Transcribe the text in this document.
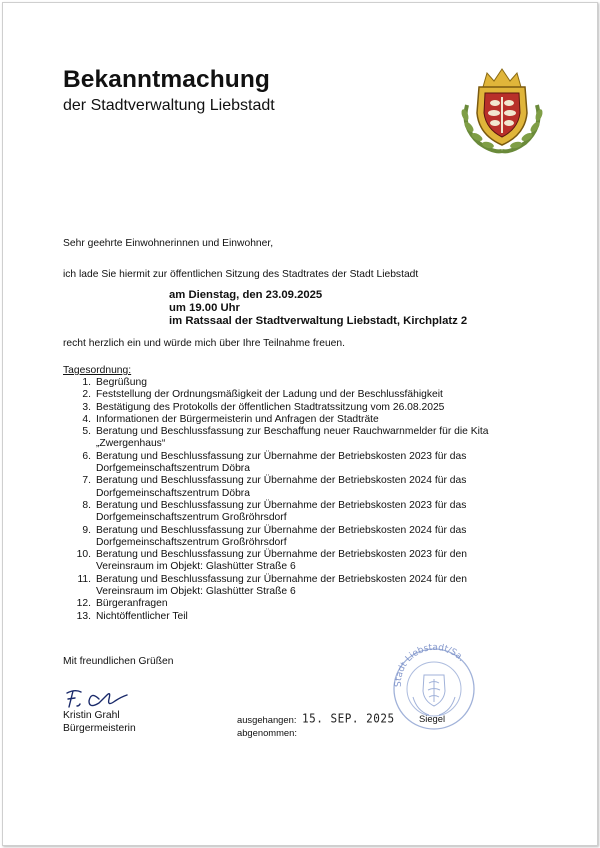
Bekanntmachung
der Stadtverwaltung Liebstadt
Sehr geehrte Einwohnerinnen und Einwohner,
ich lade Sie hiermit zur öffentlichen Sitzung des Stadtrates der Stadt Liebstadt
am Dienstag, den 23.09.2025
um 19.00 Uhr
im Ratssaal der Stadtverwaltung Liebstadt, Kirchplatz 2
recht herzlich ein und würde mich über Ihre Teilnahme freuen.
Tagesordnung:
1. Begrüßung
2. Feststellung der Ordnungsmäßigkeit der Ladung und der Beschlussfähigkeit
3. Bestätigung des Protokolls der öffentlichen Stadtratssitzung vom 26.08.2025
4. Informationen der Bürgermeisterin und Anfragen der Stadträte
5. Beratung und Beschlussfassung zur Beschaffung neuer Rauchwarnmelder für die Kita „Zwergenhaus“
6. Beratung und Beschlussfassung zur Übernahme der Betriebskosten 2023 für das Dorfgemeinschaftszentrum Döbra
7. Beratung und Beschlussfassung zur Übernahme der Betriebskosten 2024 für das Dorfgemeinschaftszentrum Döbra
8. Beratung und Beschlussfassung zur Übernahme der Betriebskosten 2023 für das Dorfgemeinschaftszentrum Großröhrsdorf
9. Beratung und Beschlussfassung zur Übernahme der Betriebskosten 2024 für das Dorfgemeinschaftszentrum Großröhrsdorf
10. Beratung und Beschlussfassung zur Übernahme der Betriebskosten 2023 für den Vereinsraum im Objekt: Glashütter Straße 6
11. Beratung und Beschlussfassung zur Übernahme der Betriebskosten 2024 für den Vereinsraum im Objekt: Glashütter Straße 6
12. Bürgeranfragen
13. Nichtöffentlicher Teil
Mit freundlichen Grüßen
Kristin Grahl
Bürgermeisterin
ausgehangen: 15. SEP. 2025
abgenommen:
Stadt Liebstadt/Sa.
Siegel
